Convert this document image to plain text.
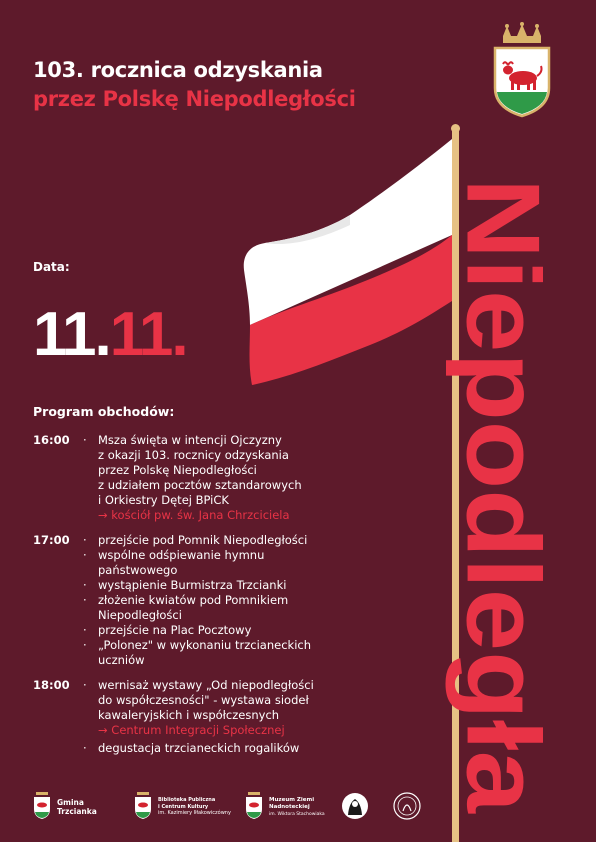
103. rocznica odzyskania
przez Polskę Niepodległości
Data:
11.11.
Program obchodów:
16:00	· Msza święta w intencji Ojczyzny
z okazji 103. rocznicy odzyskania
przez Polskę Niepodległości
z udziałem pocztów sztandarowych
i Orkiestry Dętej BPiCK
→ kościół pw. św. Jana Chrzciciela
17:00	· przejście pod Pomnik Niepodległości
· wspólne odśpiewanie hymnu państwowego
· wystąpienie Burmistrza Trzcianki
· złożenie kwiatów pod Pomnikiem Niepodległości
· przejście na Plac Pocztowy
· „Polonez" w wykonaniu trzcianeckich uczniów
18:00	· wernisaż wystawy „Od niepodległości do współczesności" - wystawa siodeł kawaleryjskich i współczesnych
→ Centrum Integracji Społecznej
· degustacja trzcianeckich rogalików Niepodległa
Gmina
Trzcianka
Biblioteka Publiczna
i Centrum Kultury
im. Kazimiery Iłłakowiczówny
Muzeum Ziemi
Nadnoteckiej
im. Wiktora Stachowiaka
